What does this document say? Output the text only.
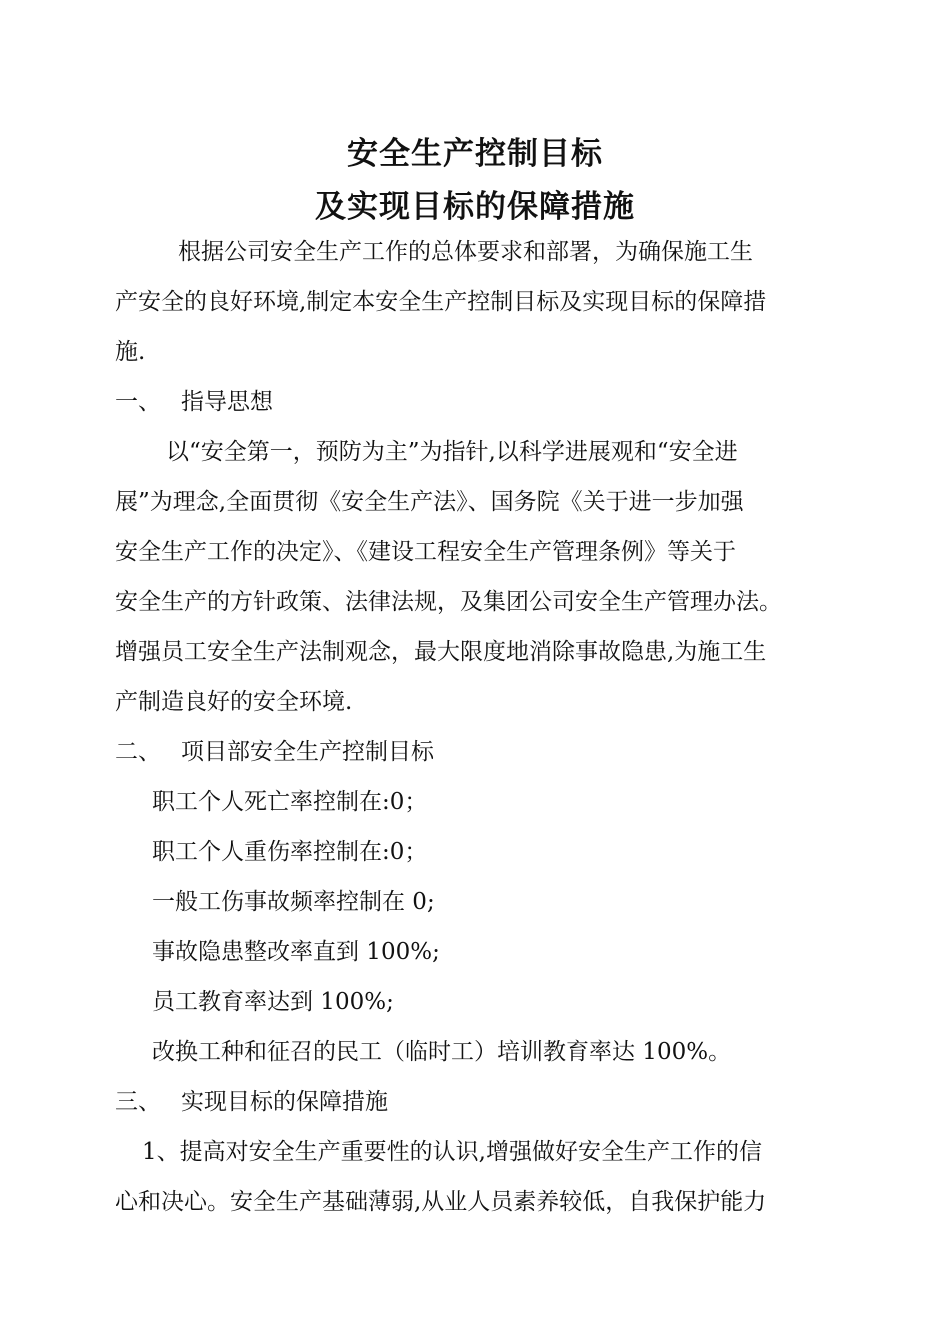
安全生产控制目标
及实现目标的保障措施
根据公司安全生产工作的总体要求和部署，为确保施工生
产安全的良好环境,制定本安全生产控制目标及实现目标的保障措
施.
一、 指导思想
以“安全第一，预防为主”为指针,以科学进展观和“安全进
展”为理念,全面贯彻《安全生产法》、国务院《关于进一步加强
安全生产工作的决定》、《建设工程安全生产管理条例》等关于
安全生产的方针政策、法律法规，及集团公司安全生产管理办法。
增强员工安全生产法制观念，最大限度地消除事故隐患,为施工生
产制造良好的安全环境.
二、 项目部安全生产控制目标
职工个人死亡率控制在:0；
职工个人重伤率控制在:0；
一般工伤事故频率控制在 0;
事故隐患整改率直到 100%;
员工教育率达到 100%;
改换工种和征召的民工（临时工）培训教育率达 100%。
三、 实现目标的保障措施
1、提高对安全生产重要性的认识,增强做好安全生产工作的信
心和决心。安全生产基础薄弱,从业人员素养较低，自我保护能力
